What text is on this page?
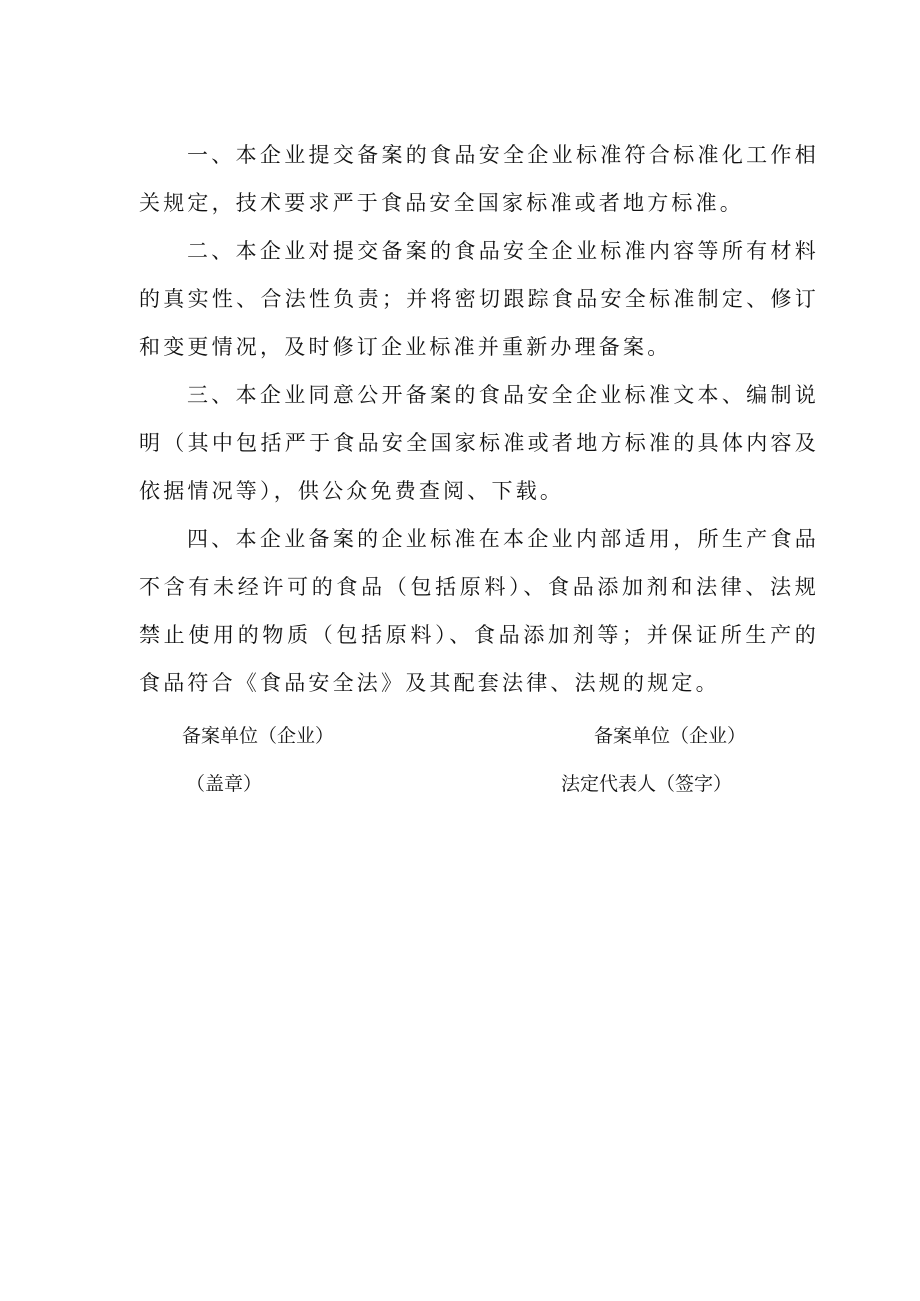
一、本企业提交备案的食品安全企业标准符合标准化工作相关规定，技术要求严于食品安全国家标准或者地方标准。

二、本企业对提交备案的食品安全企业标准内容等所有材料的真实性、合法性负责；并将密切跟踪食品安全标准制定、修订和变更情况，及时修订企业标准并重新办理备案。

三、本企业同意公开备案的食品安全企业标准文本、编制说明（其中包括严于食品安全国家标准或者地方标准的具体内容及依据情况等），供公众免费查阅、下载。

四、本企业备案的企业标准在本企业内部适用，所生产食品不含有未经许可的食品（包括原料）、食品添加剂和法律、法规禁止使用的物质（包括原料）、食品添加剂等；并保证所生产的食品符合《食品安全法》及其配套法律、法规的规定。

备案单位（企业）

（盖章）

备案单位（企业）

法定代表人（签字）
